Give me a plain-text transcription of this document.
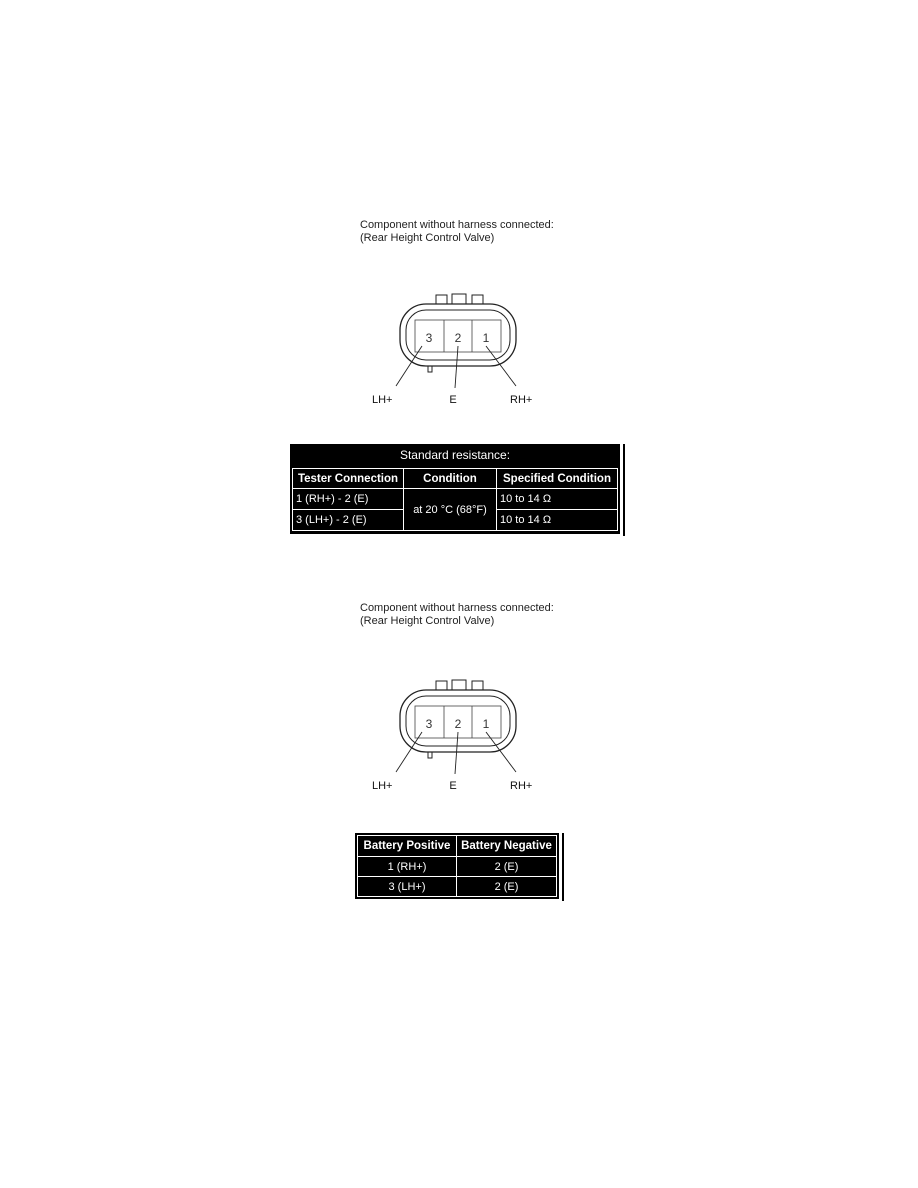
Component without harness connected:
(Rear Height Control Valve)
3 2 1
LH+	E	RH+
Standard resistance:
Tester Connection	Condition	Specified Condition
1 (RH+) - 2 (E)	at 20 °C (68°F)	10 to 14 Ω
3 (LH+) - 2 (E)		10 to 14 Ω
Component without harness connected:
(Rear Height Control Valve)
3 2 1
LH+	E	RH+
Battery Positive	Battery Negative
1 (RH+)	2 (E)
3 (LH+)	2 (E)
